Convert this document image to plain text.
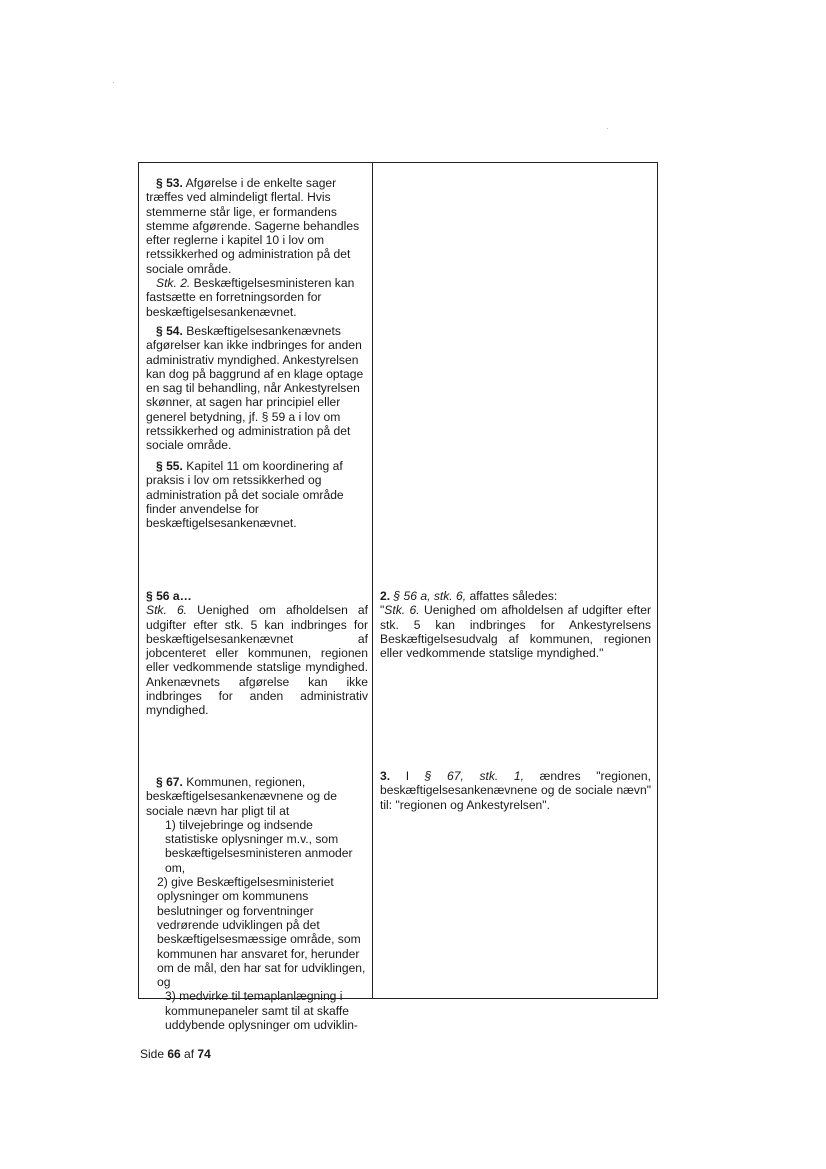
§ 53. Afgørelse i de enkelte sager træffes ved almindeligt flertal. Hvis stemmerne står lige, er formandens stemme afgørende. Sagerne behandles efter reglerne i kapitel 10 i lov om retssikkerhed og administration på det sociale område.

Stk. 2. Beskæftigelsesministeren kan fastsætte en forretningsorden for beskæftigelsesankenævnet.

§ 54. Beskæftigelsesankenævnets afgørelser kan ikke indbringes for anden administrativ myndighed. Ankestyrelsen kan dog på baggrund af en klage optage en sag til behandling, når Ankestyrelsen skønner, at sagen har principiel eller generel betydning, jf. § 59 a i lov om retssikkerhed og administration på det sociale område.

§ 55. Kapitel 11 om koordinering af praksis i lov om retssikkerhed og administration på det sociale område finder anvendelse for beskæftigelsesankenævnet.

§ 56 a…

Stk. 6. Uenighed om afholdelsen af udgifter efter stk. 5 kan indbringes for beskæftigelsesankenævnet af jobcenteret eller kommunen, regionen eller vedkommende statslige myndighed. Ankenævnets afgørelse kan ikke indbringes for anden administrativ myndighed.

2. § 56 a, stk. 6, affattes således:

"Stk. 6. Uenighed om afholdelsen af udgifter efter stk. 5 kan indbringes for Ankestyrelsens Beskæftigelsesudvalg af kommunen, regionen eller vedkommende statslige myndighed."

3. I § 67, stk. 1, ændres "regionen, beskæftigelsesankenævnene og de sociale nævn" til: "regionen og Ankestyrelsen".

§ 67. Kommunen, regionen, beskæftigelsesankenævnene og de sociale nævn har pligt til at

1) tilvejebringe og indsende statistiske oplysninger m.v., som beskæftigelsesministeren anmoder om,

2) give Beskæftigelsesministeriet oplysninger om kommunens beslutninger og forventninger vedrørende udviklingen på det beskæftigelsesmæssige område, som kommunen har ansvaret for, herunder om de mål, den har sat for udviklingen, og

3) medvirke til temaplanlægning i kommunepaneler samt til at skaffe uddybende oplysninger om udviklin-

Side 66 af 74
